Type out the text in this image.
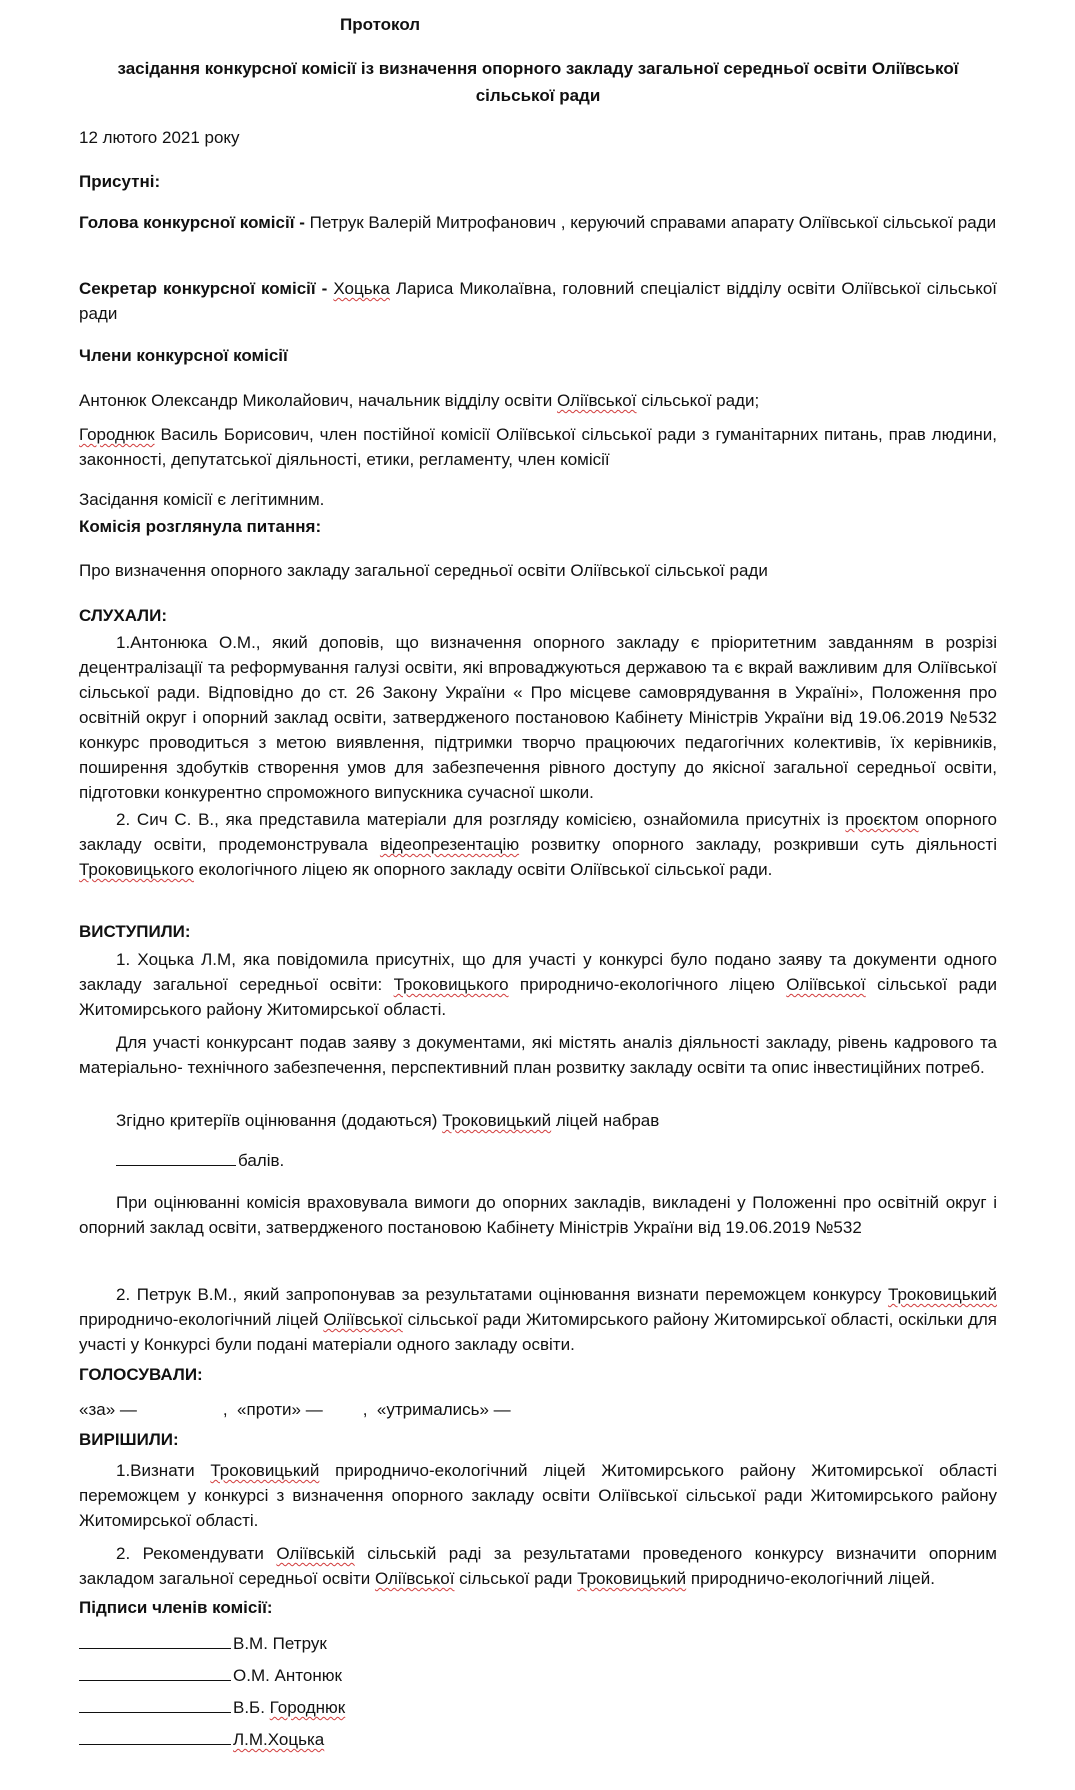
Протокол

засідання конкурсної комісії із визначення опорного закладу загальної середньої освіти Оліївської
сільської ради

12 лютого 2021 року

Присутні:

Голова конкурсної комісії - Петрук Валерій Митрофанович , керуючий справами апарату Оліївської сільської ради

Секретар конкурсної комісії - Хоцька Лариса Миколаївна, головний спеціаліст відділу освіти Оліївської сільської ради

Члени конкурсної комісії

Антонюк Олександр Миколайович, начальник відділу освіти Оліївської сільської ради;

Городнюк Василь Борисович, член постійної комісії Оліївської сільської ради з гуманітарних питань, прав людини, законності, депутатської діяльності, етики, регламенту, член комісії

Засідання комісії є легітимним.

Комісія розглянула питання:

Про визначення опорного закладу загальної середньої освіти Оліївської сільської ради

СЛУХАЛИ:

1.Антонюка О.М., який доповів, що визначення опорного закладу є пріоритетним завданням в розрізі децентралізації та реформування галузі освіти, які впроваджуються державою та є вкрай важливим для Оліївської сільської ради. Відповідно до ст. 26 Закону України « Про місцеве самоврядування в Україні», Положення про освітній округ і опорний заклад освіти, затвердженого постановою Кабінету Міністрів України від 19.06.2019 №532 конкурс проводиться з метою виявлення, підтримки творчо працюючих педагогічних колективів, їх керівників, поширення здобутків створення умов для забезпечення рівного доступу до якісної загальної середньої освіти, підготовки конкурентно спроможного випускника сучасної школи.

2. Сич С. В., яка представила матеріали для розгляду комісією, ознайомила присутніх із проєктом опорного закладу освіти, продемонструвала відеопрезентацію розвитку опорного закладу, розкривши суть діяльності Троковицького екологічного ліцею як опорного закладу освіти Оліївської сільської ради.

ВИСТУПИЛИ:

1. Хоцька Л.М, яка повідомила присутніх, що для участі у конкурсі було подано заяву та документи одного закладу загальної середньої освіти: Троковицького природничо-екологічного ліцею Оліївської сільської ради Житомирського району Житомирської області.

Для участі конкурсант подав заяву з документами, які містять аналіз діяльності закладу, рівень кадрового та матеріально- технічного забезпечення, перспективний план розвитку закладу освіти та опис інвестиційних потреб.

Згідно критеріїв оцінювання (додаються) Троковицький ліцей набрав

балів.

При оцінюванні комісія враховувала вимоги до опорних закладів, викладені у Положенні про освітній округ і опорний заклад освіти, затвердженого постановою Кабінету Міністрів України від 19.06.2019 №532

2. Петрук В.М., який запропонував за результатами оцінювання визнати переможцем конкурсу Троковицький природничо-екологічний ліцей Оліївської сільської ради Житомирського району Житомирської області, оскільки для участі у Конкурсі були подані матеріали одного закладу освіти.

ГОЛОСУВАЛИ:

«за» —	,  «проти» — ,  «утримались» —

ВИРІШИЛИ:

1.Визнати Троковицький природничо-екологічний ліцей Житомирського району Житомирської області переможцем у конкурсі з визначення опорного закладу освіти Оліївської сільської ради Житомирського району Житомирської області.

2. Рекомендувати Оліївській сільській раді за результатами проведеного конкурсу визначити опорним закладом загальної середньої освіти Оліївської сільської ради Троковицький природничо-екологічний ліцей.

Підписи членів комісії:

В.М. Петрук

О.М. Антонюк

В.Б. Городнюк

Л.М.Хоцька
